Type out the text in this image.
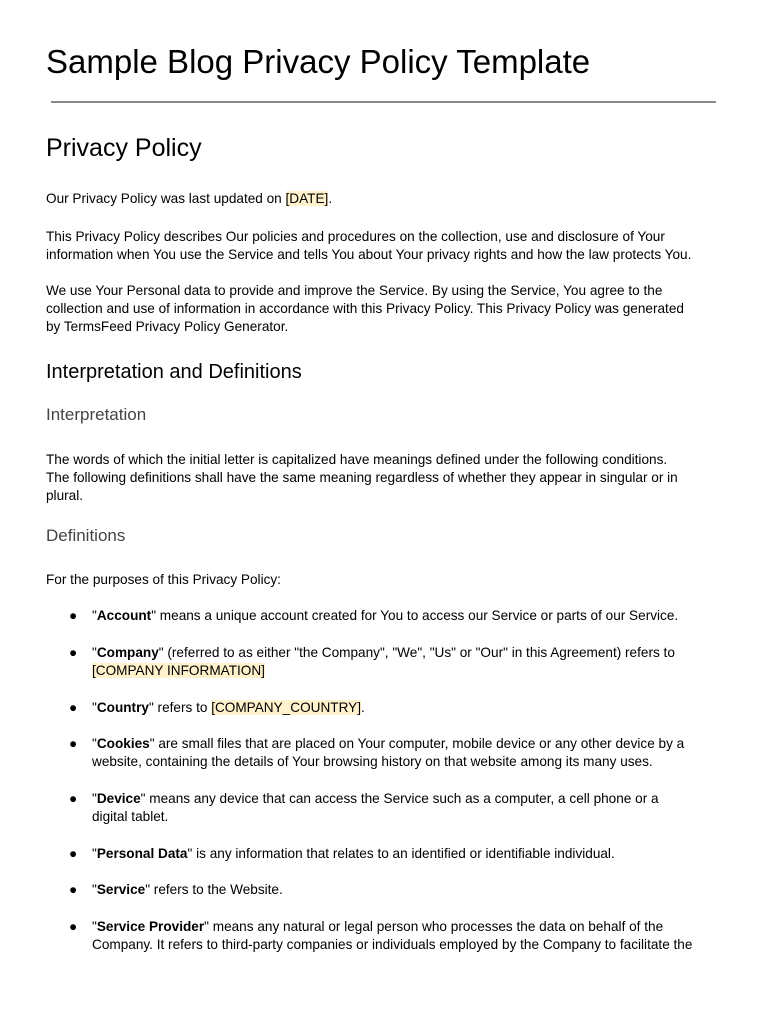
Sample Blog Privacy Policy Template
Privacy Policy

Our Privacy Policy was last updated on [DATE].

This Privacy Policy describes Our policies and procedures on the collection, use and disclosure of Your
information when You use the Service and tells You about Your privacy rights and how the law protects You.

We use Your Personal data to provide and improve the Service. By using the Service, You agree to the
collection and use of information in accordance with this Privacy Policy. This Privacy Policy was generated
by TermsFeed Privacy Policy Generator.

Interpretation and Definitions
Interpretation

The words of which the initial letter is capitalized have meanings defined under the following conditions.
The following definitions shall have the same meaning regardless of whether they appear in singular or in
plural.

Definitions

For the purposes of this Privacy Policy:

● "Account" means a unique account created for You to access our Service or parts of our Service.
● "Company" (referred to as either "the Company", "We", "Us" or "Our" in this Agreement) refers to
[COMPANY INFORMATION]
● "Country" refers to [COMPANY_COUNTRY].
● "Cookies" are small files that are placed on Your computer, mobile device or any other device by a
website, containing the details of Your browsing history on that website among its many uses.
● "Device" means any device that can access the Service such as a computer, a cell phone or a
digital tablet.
● "Personal Data" is any information that relates to an identified or identifiable individual.
● "Service" refers to the Website.
● "Service Provider" means any natural or legal person who processes the data on behalf of the
Company. It refers to third-party companies or individuals employed by the Company to facilitate the
